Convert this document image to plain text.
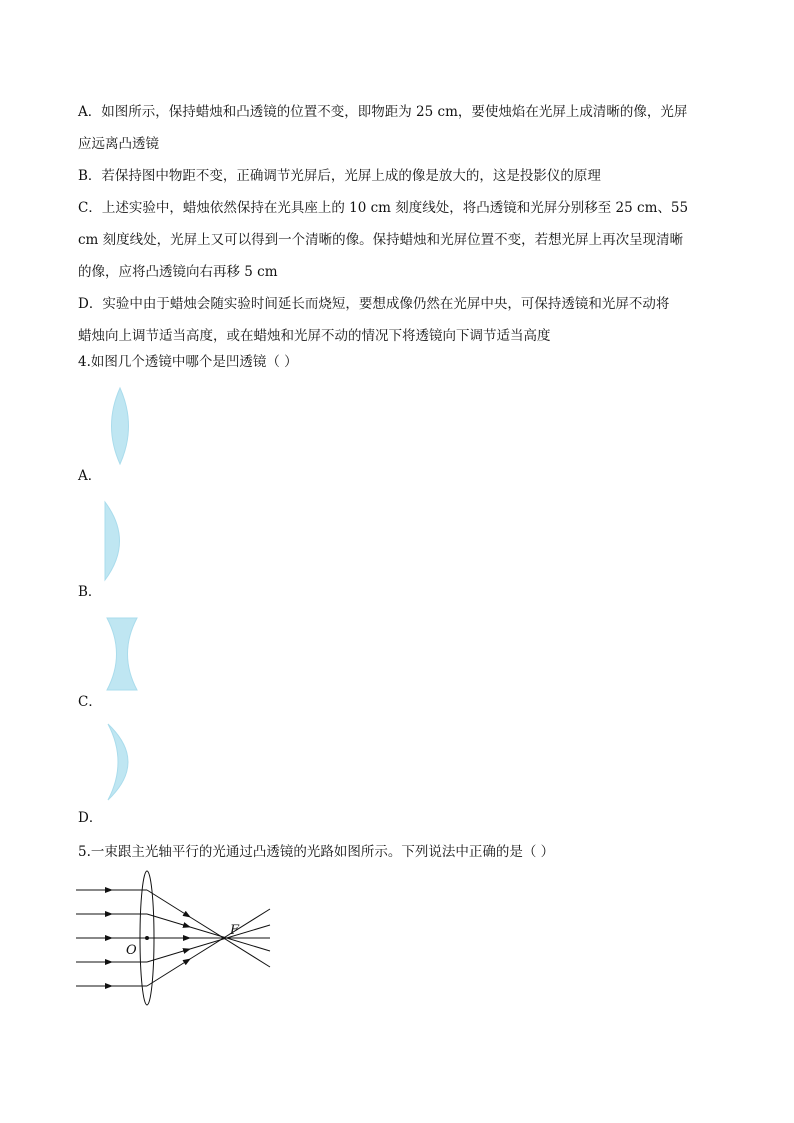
A．如图所示，保持蜡烛和凸透镜的位置不变，即物距为 25 cm，要使烛焰在光屏上成清晰的像，光屏
应远离凸透镜
B．若保持图中物距不变，正确调节光屏后，光屏上成的像是放大的，这是投影仪的原理
C．上述实验中，蜡烛依然保持在光具座上的 10 cm 刻度线处，将凸透镜和光屏分别移至 25 cm、55
cm 刻度线处，光屏上又可以得到一个清晰的像。保持蜡烛和光屏位置不变，若想光屏上再次呈现清晰
的像，应将凸透镜向右再移 5 cm
D．实验中由于蜡烛会随实验时间延长而烧短，要想成像仍然在光屏中央，可保持透镜和光屏不动将
蜡烛向上调节适当高度，或在蜡烛和光屏不动的情况下将透镜向下调节适当高度
4.如图几个透镜中哪个是凹透镜（ ）
A．
B．
C．
D．
5.一束跟主光轴平行的光通过凸透镜的光路如图所示。下列说法中正确的是（ ）
O
F
